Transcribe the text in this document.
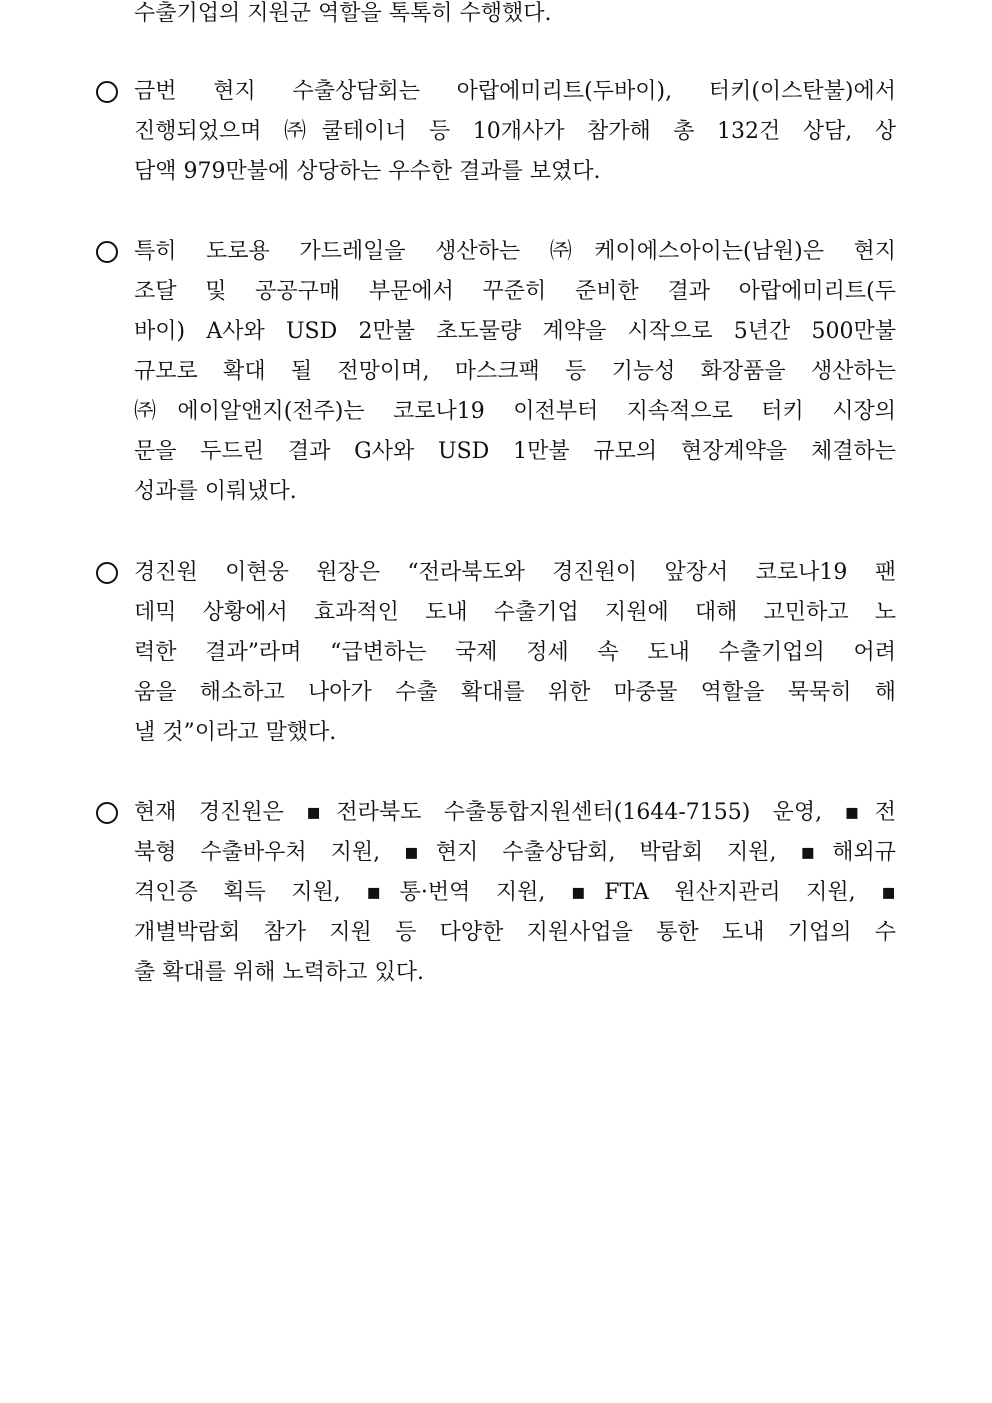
수출기업의 지원군 역할을 톡톡히 수행했다.
금번 현지 수출상담회는 아랍에미리트(두바이), 터키(이스탄불)에서
진행되었으며 ㈜쿨테이너 등 10개사가 참가해 총 132건 상담, 상
담액 979만불에 상당하는 우수한 결과를 보였다.
특히 도로용 가드레일을 생산하는 ㈜케이에스아이는(남원)은 현지
조달 및 공공구매 부문에서 꾸준히 준비한 결과 아랍에미리트(두
바이) A사와 USD 2만불 초도물량 계약을 시작으로 5년간 500만불
규모로 확대 될 전망이며, 마스크팩 등 기능성 화장품을 생산하는
㈜에이알앤지(전주)는 코로나19 이전부터 지속적으로 터키 시장의
문을 두드린 결과 G사와 USD 1만불 규모의 현장계약을 체결하는
성과를 이뤄냈다.
경진원 이현웅 원장은 “전라북도와 경진원이 앞장서 코로나19 팬
데믹 상황에서 효과적인 도내 수출기업 지원에 대해 고민하고 노
력한 결과”라며 “급변하는 국제 정세 속 도내 수출기업의 어려
움을 해소하고 나아가 수출 확대를 위한 마중물 역할을 묵묵히 해
낼 것”이라고 말했다.
현재 경진원은 ▪전라북도 수출통합지원센터(1644-7155) 운영, ▪전
북형 수출바우처 지원, ▪현지 수출상담회, 박람회 지원, ▪해외규
격인증 획득 지원, ▪통·번역 지원, ▪FTA 원산지관리 지원, ▪
개별박람회 참가 지원 등 다양한 지원사업을 통한 도내 기업의 수
출 확대를 위해 노력하고 있다.
